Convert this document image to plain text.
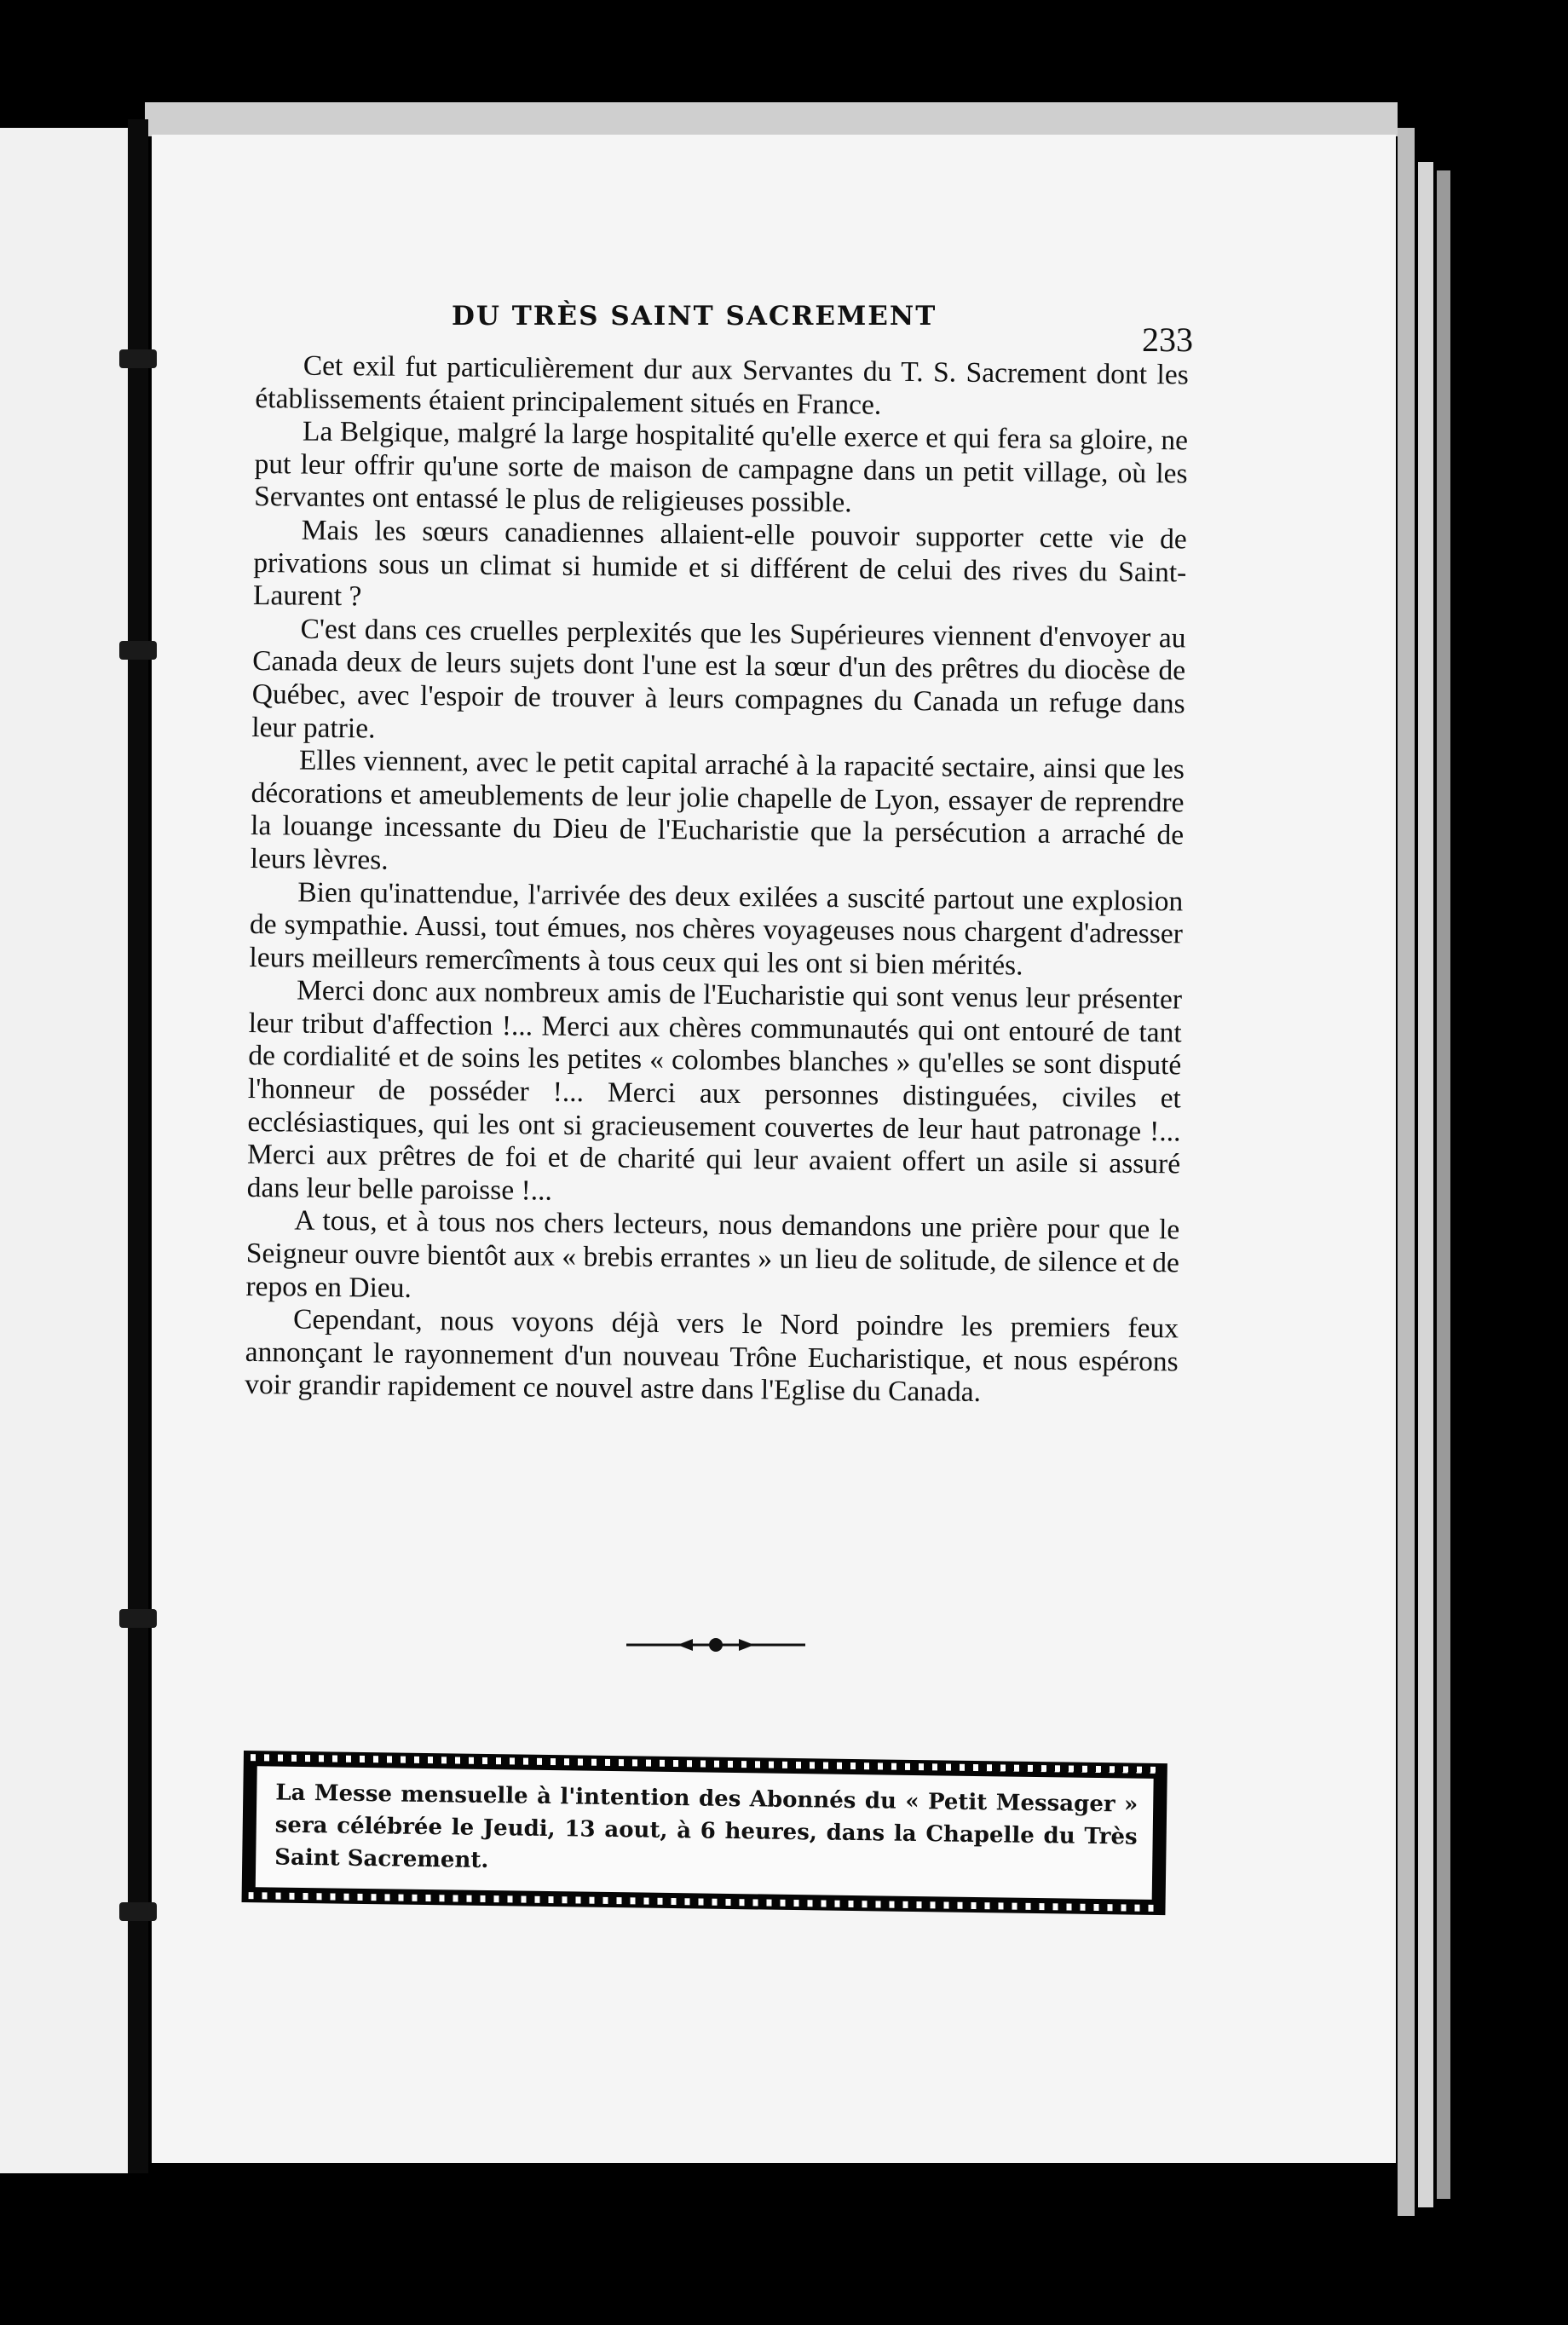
DU TRÈS SAINT SACREMENT
233

Cet exil fut particulièrement dur aux Servantes du T. S. Sacrement dont les établissements étaient principalement situés en France.

La Belgique, malgré la large hospitalité qu'elle exerce et qui fera sa gloire, ne put leur offrir qu'une sorte de maison de campagne dans un petit village, où les Servantes ont entassé le plus de religieuses possible.

Mais les sœurs canadiennes allaient-elle pouvoir supporter cette vie de privations sous un climat si humide et si différent de celui des rives du Saint-Laurent ?

C'est dans ces cruelles perplexités que les Supérieures viennent d'envoyer au Canada deux de leurs sujets dont l'une est la sœur d'un des prêtres du diocèse de Québec, avec l'espoir de trouver à leurs compagnes du Canada un refuge dans leur patrie.

Elles viennent, avec le petit capital arraché à la rapacité sectaire, ainsi que les décorations et ameublements de leur jolie chapelle de Lyon, essayer de reprendre la louange incessante du Dieu de l'Eucharistie que la persécution a arraché de leurs lèvres.

Bien qu'inattendue, l'arrivée des deux exilées a suscité partout une explosion de sympathie. Aussi, tout émues, nos chères voyageuses nous chargent d'adresser leurs meilleurs remercîments à tous ceux qui les ont si bien mérités.

Merci donc aux nombreux amis de l'Eucharistie qui sont venus leur présenter leur tribut d'affection !... Merci aux chères communautés qui ont entouré de tant de cordialité et de soins les petites « colombes blanches » qu'elles se sont disputé l'honneur de posséder !... Merci aux personnes distinguées, civiles et ecclésiastiques, qui les ont si gracieusement couvertes de leur haut patronage !... Merci aux prêtres de foi et de charité qui leur avaient offert un asile si assuré dans leur belle paroisse !...

A tous, et à tous nos chers lecteurs, nous demandons une prière pour que le Seigneur ouvre bientôt aux « brebis errantes » un lieu de solitude, de silence et de repos en Dieu.

Cependant, nous voyons déjà vers le Nord poindre les premiers feux annonçant le rayonnement d'un nouveau Trône Eucharistique, et nous espérons voir grandir rapidement ce nouvel astre dans l'Eglise du Canada.

La Messe mensuelle à l'intention des Abonnés du « Petit Messager » sera célébrée le Jeudi, 13 aout, à 6 heures, dans la Chapelle du Très Saint Sacrement.
